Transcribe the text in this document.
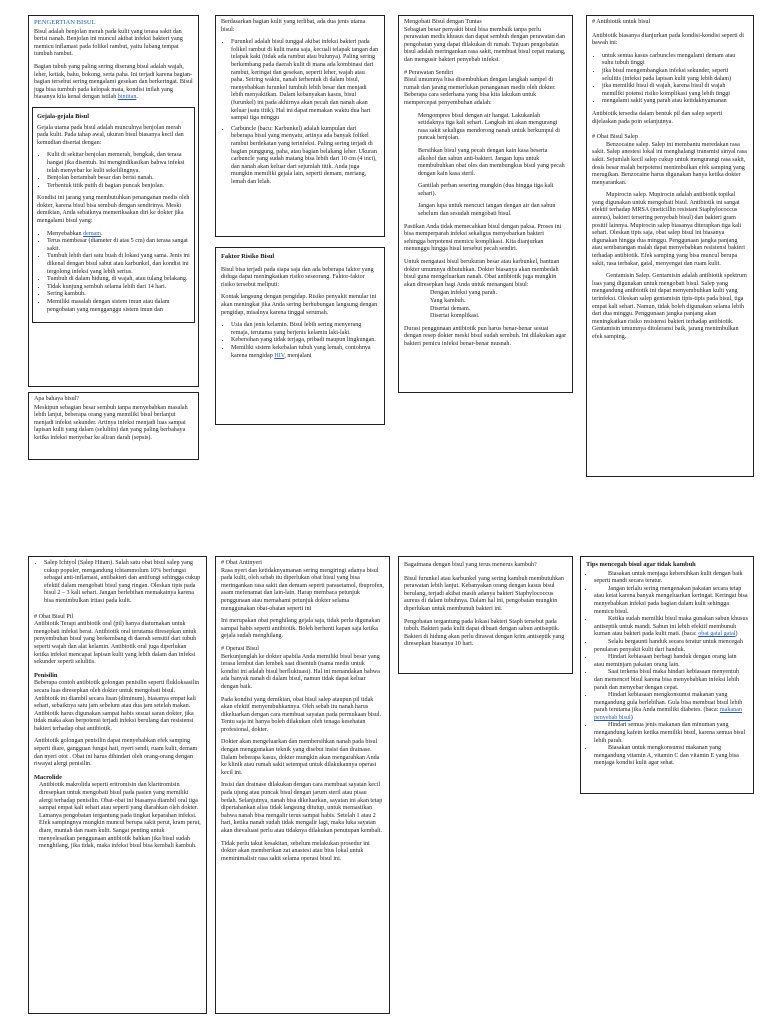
PENGERTIAN BISUL

Bisul adalah benjolan merah pada kulit yang terasa sakit dan berisi nanah. Benjolan ini muncul akibat infeksi bakteri yang memicu inflamasi pada folikel rambut, yaitu lubang tempat tumbuh rambut.

Bagian tubuh yang paling sering diserang bisul adalah wajah, leher, ketiak, bahu, bokong, serta paha. Ini terjadi karena bagian-bagian tersebut sering mengalami gesekan dan berkeringat. Bisul juga bisa tumbuh pada kelopak mata, kondisi inilah yang biasanya kita kenal dengan istilah bintitan.

Gejala-gejala Bisul

Gejala utama pada bisul adalah munculnya benjolan merah pada kulit. Pada tahap awal, ukuran bisul biasanya kecil dan kemudian disertai dengan:

• Kulit di sekitar benjolan memerah, bengkak, dan terasa hangat jika disentuh. Ini mengindikasikan bahwa infeksi telah menyebar ke kulit sekelilingnya.
• Benjolan bertambah besar dan berisi nanah.
• Terbentuk titik putih di bagian puncak benjolan.

Kondisi ini jarang yang membutuhkan penanganan medis oleh dokter, karena bisul bisa sembuh dengan sendirinya. Meski demikian, Anda sebaiknya memeriksakan diri ke dokter jika mengalami bisul yang:

• Menyebabkan demam.
• Terus membesar (diameter di atas 5 cm) dan terasa sangat sakit.
• Tumbuh lebih dari satu buah di lokasi yang sama. Jenis ini dikenal dengan bisul sabut atau karbunkel, dan kondisi ini tergolong infeksi yang lebih serius.
• Tumbuh di dalam hidung, di wajah, atau tulang belakang.
• Tidak kunjung sembuh selama lebih dari 14 hari.
• Sering kambuh.
• Memiliki masalah dengan sistem imun atau dalam pengobatan yang mengganggu sistem imun dan
Apa bahaya bisul?

Meskipun sebagian besar sembuh tanpa menyebabkan masalah lebih lanjut, beberapa orang yang memiliki bisul berlanjut menjadi infeksi sekunder. Artinya infeksi menjadi luas sampai lapisan kulit yang dalam (selulitis) dan yang paling berbahaya ketika infeksi menyebar ke aliran darah (sepsis).

Berdasarkan bagian kulit yang terlibat, ada dua jenis utama bisul:

• Furunkel adalah bisul tunggal akibat infeksi bakteri pada folikel rambut di kulit mana saja, kecuali telapak tangan dan telapak kaki (tidak ada rambut atau bulunya). Paling sering berkembang pada daerah kulit di mana ada kombinasi dari rambut, keringat dan gesekan, seperti leher, wajah atau paha. Seiring waktu, nanah terbentuk di dalam bisul, menyebabkan furunkel tumbuh lebih besar dan menjadi lebih menyakitkan. Dalam kebanyakan kasus, bisul (furunkel) ini pada akhirnya akan pecah dan nanah akan keluar (satu titik). Hal ini dapat memakan waktu dua hari sampai tiga minggu
• Carbuncle (bacu: Karbunkel) adalah kumpulan dari beberapa bisul yang menyatu, artinya ada banyak folikel rambut berdekatan yang terinfeksi. Paling sering terjadi di bagian punggung, paha, atau bagian belakang leher. Ukuran carbuncle yang sudah matang bisa lebih dari 10 cm (4 inci), dan nanah akan keluar dari sejumlah titik. Anda juga mungkin memiliki gejala lain, seperti demam, meriang, lemah dan lelah.
Faktor Risiko Bisul

Bisul bisa terjadi pada siapa saja dan ada beberapa faktor yang diduga dapat meningkatkan risiko seseorang. Faktor-faktor risiko tersebut meliputi:

Kontak langsung dengan pengidap. Risiko penyakit menular ini akan meningkat jika Anda sering berhubungan langsung dengan pengidap, misalnya karena tinggal serumah.

• Usia dan jenis kelamin. Bisul lebih sering menyerang remaja, terutama yang berjenis kelamin laki-laki.
• Kebersihan yang tidak terjaga, pribadi maupun lingkungan.
• Memiliki sistem kekebalan tubuh yang lemah, contohnya karena mengidap HIV, menjalani
Mengobati Bisul dengan Tuntas

Sebagian besar penyakit bisul bisa membaik tanpa perlu perawatan medis khusus dan dapat sembuh dengan perawatan dan pengobatan yang dapat dilakukan di rumah. Tujuan pengobatan bisul adalah meringankan rasa sakit, membuat bisul cepat matang, dan mengusir bakteri penyebab infeksi.

# Perawatan Sendiri

Bisul umumnya bisa disembuhkan dengan langkah sampel di rumah dan jarang memerlukan penanganan medis oleh dokter. Beberapa cara sederhana yang bisa kita lakukan untuk mempercepat penyembuhan adalah:

Mengompres bisul dengan air hangat. Lakukanlah setidaknya tiga kali sehari. Langkah ini akan mengurangi rasa sakit sekaligus mendorong nanah untuk berkumpul di puncak benjolan.

Bersihkan bisul yang pecah dengan kain kasa beserta alkohol dan sabun anti-bakteri. Jangan lupa untuk membubuhkan obat oles dan membungkus bisul yang pecah dengan kain kasa steril.

Gantilah perban sesering mungkin (dua hingga tiga kali sehari).

Jangan lupa untuk mencuci tangan dengan air dan sabun sebelum dan sesudah mengobati bisul.

Pastikan Anda tidak memecahkan bisul dengan paksa. Proses ini bisa memperparah infeksi sekaligus menyebarkan bakteri sehingga berpotensi memicu komplikasi. Kita dianjurkan menunggu hingga bisul tersebut pecah sendiri.

Untuk mengatasi bisul berukuran besar atau karbunkel, bantuan dokter umumnya dibutuhkan. Dokter biasanya akan membedah bisul guna mengeluarkan nanah. Obat antibiotik juga mungkin akan diresepkan bagi Anda untuk menangani bisul:

Dengan infeksi yang parah.
Yang kambuh.
Disertai demam.
Disertai komplikasi.

Durasi penggunaan antibiotik pun harus benar-benar sesuai dengan resep dokter meski bisul sudah sembuh. Ini dilakukan agar bakteri pemicu infeksi benar-benar musnah.

# Antibiotik untuk bisul

Antibiotik biasanya dianjurkan pada kondisi-kondisi seperti di bawah ini:

• untuk semua kasus carbuncles mengalami demam atau suhu tubuh tinggi
• jika bisul mengembangkan infeksi sekunder, seperti selulitis (infeksi pada lapisan kulit yang lebih dalam)
• jika memiliki bisul di wajah, karena bisul di wajah memiliki potensi risiko komplikasi yang lebih tinggi
• mengalami sakit yang parah atau ketidaknyamanan

Antibiotik tersedia dalam bentuk pil dan salep seperti dijelaskan pada poin selanjutnya.

# Obat Bisul Salep

Benzocaine salep. Salep ini membantu meredakan rasa sakit. Salep anestesi lokal ini menghalangi transmisi sinyal rasa sakit. Sejumlah kecil salep cukup untuk mengurangi rasa sakit, dosis besar malah berpotensi menimbulkan efek samping yang merugikan. Benzocaine harus digunakan hanya ketika dokter menyarankan.

Mupirocin salep. Mupirocin adalah antibiotik topikal yang digunakan untuk mengobati bisul. Antibiotik ini sangat efektif terhadap MRSA (meticillin resistant Staphylococcus aureus), bakteri tersering penyebab bisul) dan bakteri gram positif lainnya. Mupirocin salep biasanya diterapkan tiga kali sehari. Oleskan tipis saja, obat salep bisul ini biasanya digunakan hingga dua minggu. Penggunaan jangka panjang atau sembarangan malah dapat menyebabkan resistensi bakteri terhadap antibiotik. Efek samping yang bisa muncul berupa sakit, rasa terbakar, gatal, menyengat dan ruam kulit.

Gentamisin Salep. Gentamisin adalah antibiotik spektrum luas yang digunakan untuk mengobati bisul. Salep yang mengandung antibiotik ini dapat menyembuhkan kulit yang terinfeksi. Oleskan salep gentamisin tipis-tipis pada bisul, tiga empat kali sehari. Namun, tidak boleh digunakan selama lebih dari dua minggu. Penggunaan jangka panjang akan meningkatkan risiko resistensi bakteri terhadap antibiotik. Gentamisin umumnya ditoleransi baik, jarang menimbulkan efek samping.

• Salep Ichtyol (Salep Hitam). Salah satu obat bisul salep yang cukup populer, mengandung ichtammolum 10% berfungsi sebagai anti-inflamasi, antibakteri dan antifungi sehingga cukup efektif dalam mengobati bisul yang ringan. Oleskan tipis pada bisul 2 – 3 kali sehari. Jangan berlebihan memakainya karena bisa menimbulkan iritasi pada kulit.
# Obat Bisul Pil

Antibiotik Terapi antibiotik oral (pil) hanya diaturnakan untuk mengobati infeksi berat. Antibiotik oral terutama diresepkan untuk penyembuhan bisul yang berkembang di daerah sensitif dari tubuh seperti wajah dan alat kelamin. Antibiotik oral juga diperlukan ketika infeksi mencapai lapisan kulit yang lebih dalam dan infeksi sekunder seperti selulitis.

Penisilin

Beberapa contoh antibiotik golongan penisilin seperti flukloksasilin secara luas diresepkan oleh dokter untuk mengobati bisul. Antibiotik ini diambil secara lisan (diminum), biasanya empat kali sehari, sebaiknya satu jam sebelum atau dua jam setelah makan. Antibiotik harus digunakan sampai habis sesuai saran dokter, jika tidak maka akan berpotensi terjadi infeksi berulang dan resistensi bakteri terhadap obat antibiotik.

Antibiotik golongan penisilin dapat menyebabkan efek samping seperti diare, gangguan fungsi hati, nyeri sendi, ruam kulit, demam dan nyeri otot . Obat ini harus dihindari oleh orang-orang dengan riwayat alergi penisilin.

Macrolide

Antibiotik makrolida seperti eritromisin dan klaritromisin diresepkan untuk mengobati bisul pada pasien yang memiliki alergi terhadap penisilin. Obat-obat ini biasanya diambil oral tiga sampai empat kali sehari atau seperti yang diarahkan oleh dokter. Lamanya pengobatan tergantung pada tingkat keparahan infeksi. Efek sampingnya mungkin muncul berupa sakit perut, kram perut, diare, muntah dan ruam kulit. Sangat penting untuk menyelesaikan penggunaan antibiotik bahkan jika bisul sudah menghilang, jika tidak, maka infeksi bisul bisa kembali kambuh.

# Obat Antinyeri

Rasa nyeri dan ketidaknyamanan sering mengiringi adanya bisul pada kulit, oleh sebab itu diperlukan obat bisul yang bisa meringankan rasa sakit dan demam seperti parasetamol, ibuprofen, asam mefenamat dan lain-lain. Harap membaca petunjuk penggunaan atau memahami petunjuk dokter selama menggunakan obat-obatan seperti ini

Ini merupakan obat penghilang gejala saja, tidak perlu digunakan sampai habis seperti antibiotik. Boleh berhenti kapan saja ketika gejala sudah menghilang.

# Operasi Bisul

Berkunjunglah ke dokter apabila Anda memiliki bisul besar yang terasa lembut dan lembek saat disentuh (nama medis untuk kondisi ini adalah bisul berfluktuasi). Hal ini menandakan bahwa ada banyak nanah di dalam bisul, namun tidak dapat keluar dengan baik.

Pada kondisi yang demikian, obat bisul salep ataupun pil tidak akan efektif menyembuhkannya. Oleh sebab itu nanah harus dikeluarkan dengan cara membuat sayatan pada permukaan bisul. Tentu saja ini hanya boleh dilakukan oleh tenaga kesehatan profesional, dokter.

Dokter akan mengeluarkan dan membersihkan nanah pada bisul dengan menggunakan teknik yang disebut insisi dan drainase. Dalam beberapa kasus, dokter mungkin akan mengarahkan Anda ke klinik atau rumah sakit setempat untuk dilakukannya operasi kecil ini.

Insisi dan drainase dilakukan dengan cara membuat sayatan kecil pada ujung atau puncak bisul dengan jarum steril atau pisau bedah. Selanjutnya, nanah bisa dikeluarkan, sayatan ini akan tetap dipertahankan alias tidak langsung ditutup, untuk memastikan bahwa nanah bisa mengalir terus sampai habis. Setelah 1 atau 2 hari, ketika nanah sudah tidak mengalir lagi, maka luka sayatan akan dievaluasi perlu atau tidaknya dilakukan penutupan kembali.

Tidak perlu takut kesakitan, sebelum melakukan prosedur ini dokter akan memberikan zat anastesi atau bius lokal untuk meminimalisir rasa sakit selama operasi bisul ini.

Bagaimana dengan bisul yang terus menerus kambuh?

Bisul furunkel atau karbunkel yang sering kambuh membutuhkan perawatan lebih lanjut. Kebanyakan orang dengan kasus bisul berulang, terjadi akibat masih adanya bakteri Staphylococcus aureus di dalam tubuhnya. Dalam hal ini, pengobatan mungkin diperlukan untuk membunuh bakteri ini.

Pengobatan tergantung pada lokasi bakteri Staph tersebut pada tubuh. Bakteri pada kulit dapat dibuati dengan sabun antiseptik. Bakteri di hidung akan perlu dirawat dengan krim antiseptik yang diresepkan biasanya 10 hari.

Tips mencegah bisul agar tidak kambuh
• Biasakan untuk menjaga kebersihkan kulit dengan baik seperti mandi secara teratur.
• Jangan terlalu sering mengenakan pakaian secara tetap atau ketat karena banyak mengeluarkan keringat. Keringat bisa menyebabkan infeksi pada bagian dalam kulit sehingga memicu bisul.
• Ketika sudah memiliki bisul maka gunakan sabun khusus antiseptik untuk mandi. Sabun ini lebih efektif membunuh kuman atau bakteri pada kulit mati. (baca: obat gatal gatal)
• Selalu bergaunti handuk secara teratur untuk mencegah penularan penyakit kulit dari handuk.
• Hindari kebiasaan berbagi handuk dengan orang lain atau meminjam pakaian orang lain.
• Saat terkena bisul maka hindari kebiasaan menyentuh dan memencet bisul karena bisa menyebabkan infeksi lebih parah dan menyebar dengan cepat.
• Hindari kebiasaan mengkonsumsi makanan yang mengandung gula berlebihan. Gula bisa membuat bisul lebih parah terutama jika Anda memiliki diabetes. (baca: makanan penyebab bisul)
• Hindari semua jenis makanan dan minuman yang mengandung kafein ketika memiliki bisul, karena semua bisul lebih parah.
• Biasakan untuk mengkonsumsi makanan yang mengandung vitamin A, vitamin C dan vitamin E yang bisa menjaga kondisi kulit agar sehat.
